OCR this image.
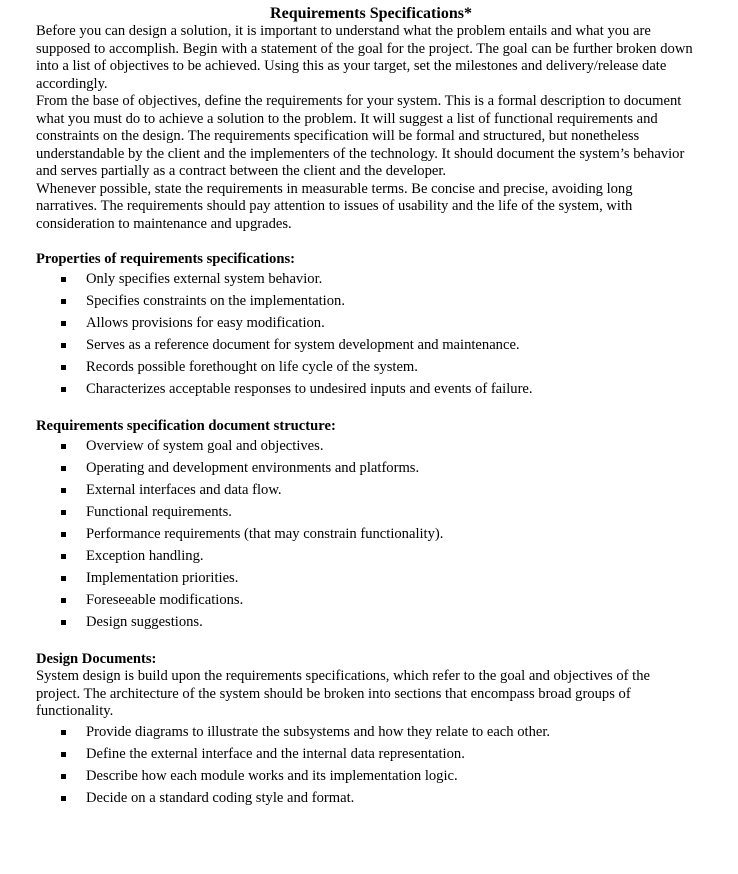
Requirements Specifications*

Before you can design a solution, it is important to understand what the problem entails and what you are supposed to accomplish. Begin with a statement of the goal for the project. The goal can be further broken down into a list of objectives to be achieved. Using this as your target, set the milestones and delivery/release date accordingly.

From the base of objectives, define the requirements for your system. This is a formal description to document what you must do to achieve a solution to the problem. It will suggest a list of functional requirements and constraints on the design. The requirements specification will be formal and structured, but nonetheless understandable by the client and the implementers of the technology. It should document the system’s behavior and serves partially as a contract between the client and the developer.

Whenever possible, state the requirements in measurable terms. Be concise and precise, avoiding long narratives. The requirements should pay attention to issues of usability and the life of the system, with consideration to maintenance and upgrades.

Properties of requirements specifications:
Only specifies external system behavior.
Specifies constraints on the implementation.
Allows provisions for easy modification.
Serves as a reference document for system development and maintenance.
Records possible forethought on life cycle of the system.
Characterizes acceptable responses to undesired inputs and events of failure.
Requirements specification document structure:
Overview of system goal and objectives.
Operating and development environments and platforms.
External interfaces and data flow.
Functional requirements.
Performance requirements (that may constrain functionality).
Exception handling.
Implementation priorities.
Foreseeable modifications.
Design suggestions.
Design Documents:

System design is build upon the requirements specifications, which refer to the goal and objectives of the project. The architecture of the system should be broken into sections that encompass broad groups of functionality.

Provide diagrams to illustrate the subsystems and how they relate to each other.
Define the external interface and the internal data representation.
Describe how each module works and its implementation logic.
Decide on a standard coding style and format.
